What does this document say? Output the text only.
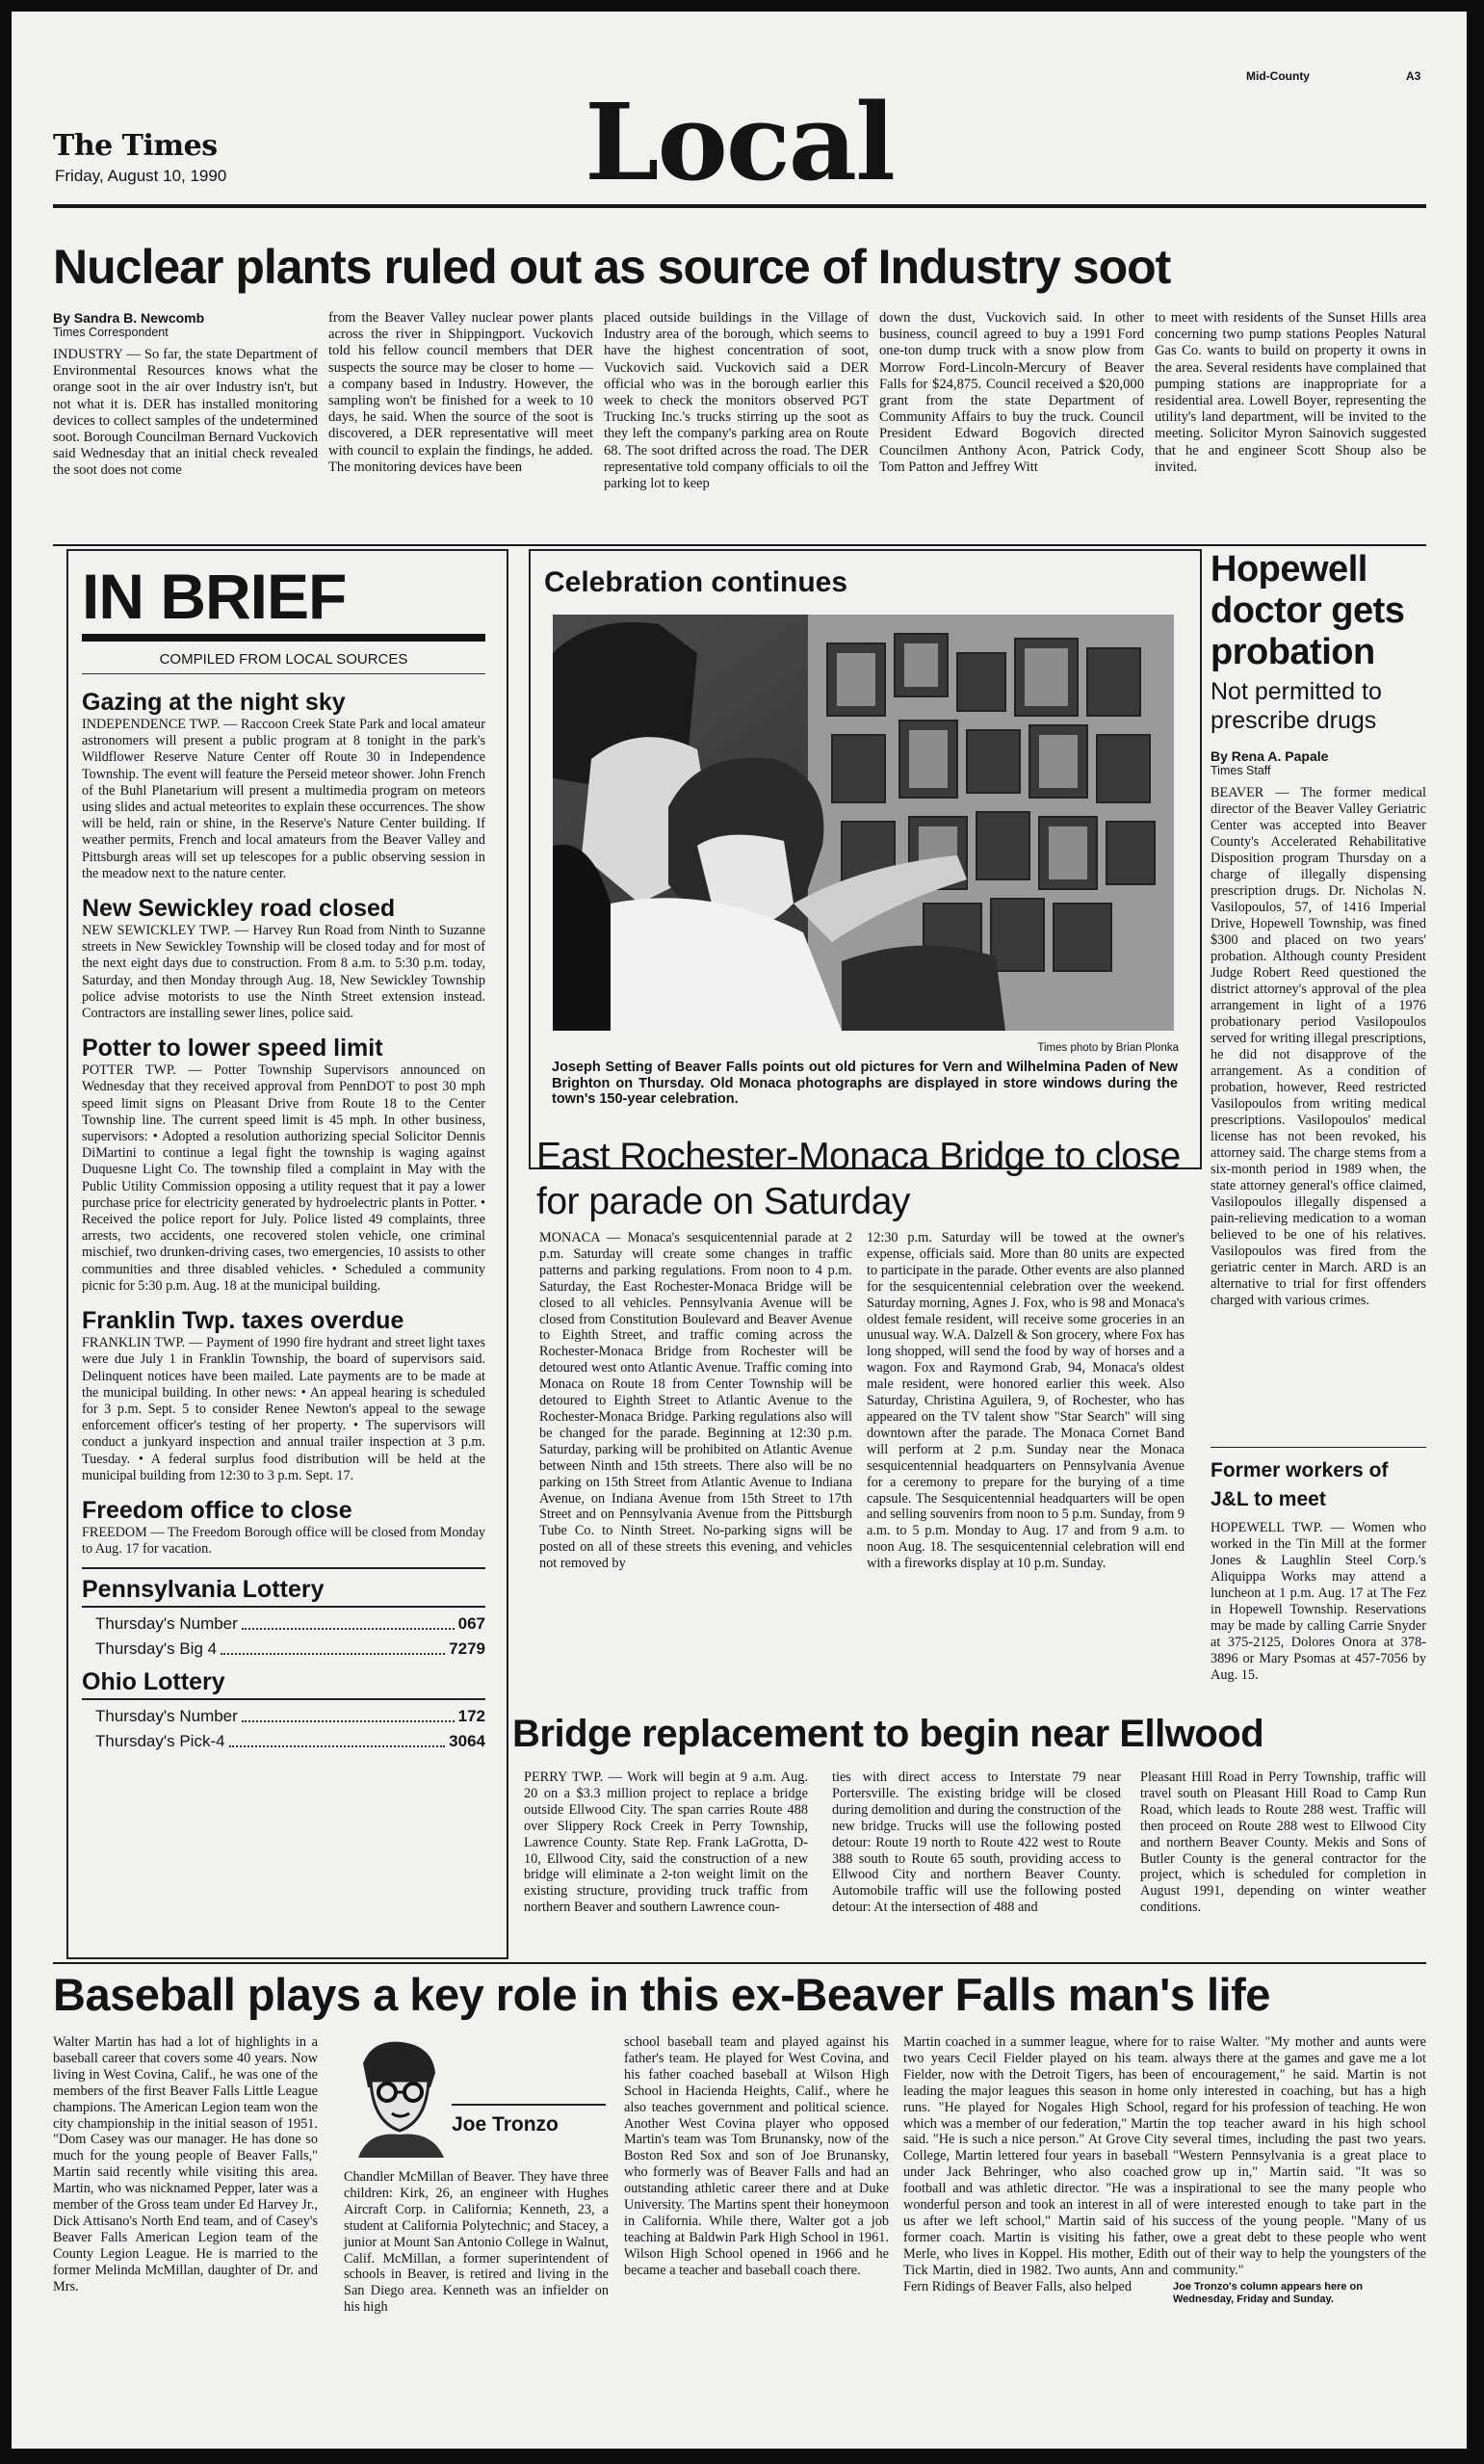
Mid-County	A3
The Times
Friday, August 10, 1990	Local
Nuclear plants ruled out as source of Industry soot
By Sandra B. Newcomb
Times Correspondent
INDUSTRY — So far, the state Department of Environmental Resources knows what the orange soot in the air over Industry isn't, but not what it is. DER has installed monitoring devices to collect samples of the undetermined soot. Borough Councilman Bernard Vuckovich said Wednesday that an initial check revealed the soot does not come
from the Beaver Valley nuclear power plants across the river in Shippingport. Vuckovich told his fellow council members that DER suspects the source may be closer to home — a company based in Industry. However, the sampling won't be finished for a week to 10 days, he said. When the source of the soot is discovered, a DER representative will meet with council to explain the findings, he added. The monitoring devices have been
placed outside buildings in the Village of Industry area of the borough, which seems to have the highest concentration of soot, Vuckovich said. Vuckovich said a DER official who was in the borough earlier this week to check the monitors observed PGT Trucking Inc.'s trucks stirring up the soot as they left the company's parking area on Route 68. The soot drifted across the road. The DER representative told company officials to oil the parking lot to keep
down the dust, Vuckovich said. In other business, council agreed to buy a 1991 Ford one-ton dump truck with a snow plow from Morrow Ford-Lincoln-Mercury of Beaver Falls for $24,875. Council received a $20,000 grant from the state Department of Community Affairs to buy the truck. Council President Edward Bogovich directed Councilmen Anthony Acon, Patrick Cody, Tom Patton and Jeffrey Witt
to meet with residents of the Sunset Hills area concerning two pump stations Peoples Natural Gas Co. wants to build on property it owns in the area. Several residents have complained that pumping stations are inappropriate for a residential area. Lowell Boyer, representing the utility's land department, will be invited to the meeting. Solicitor Myron Sainovich suggested that he and engineer Scott Shoup also be invited.
IN BRIEF
COMPILED FROM LOCAL SOURCES
Gazing at the night sky
INDEPENDENCE TWP. — Raccoon Creek State Park and local amateur astronomers will present a public program at 8 tonight in the park's Wildflower Reserve Nature Center off Route 30 in Independence Township. The event will feature the Perseid meteor shower. John French of the Buhl Planetarium will present a multimedia program on meteors using slides and actual meteorites to explain these occurrences. The show will be held, rain or shine, in the Reserve's Nature Center building. If weather permits, French and local amateurs from the Beaver Valley and Pittsburgh areas will set up telescopes for a public observing session in the meadow next to the nature center.
New Sewickley road closed
NEW SEWICKLEY TWP. — Harvey Run Road from Ninth to Suzanne streets in New Sewickley Township will be closed today and for most of the next eight days due to construction. From 8 a.m. to 5:30 p.m. today, Saturday, and then Monday through Aug. 18, New Sewickley Township police advise motorists to use the Ninth Street extension instead. Contractors are installing sewer lines, police said.
Potter to lower speed limit
POTTER TWP. — Potter Township Supervisors announced on Wednesday that they received approval from PennDOT to post 30 mph speed limit signs on Pleasant Drive from Route 18 to the Center Township line. The current speed limit is 45 mph. In other business, supervisors: • Adopted a resolution authorizing special Solicitor Dennis DiMartini to continue a legal fight the township is waging against Duquesne Light Co. The township filed a complaint in May with the Public Utility Commission opposing a utility request that it pay a lower purchase price for electricity generated by hydroelectric plants in Potter. • Received the police report for July. Police listed 49 complaints, three arrests, two accidents, one recovered stolen vehicle, one criminal mischief, two drunken-driving cases, two emergencies, 10 assists to other communities and three disabled vehicles. • Scheduled a community picnic for 5:30 p.m. Aug. 18 at the municipal building.
Franklin Twp. taxes overdue
FRANKLIN TWP. — Payment of 1990 fire hydrant and street light taxes were due July 1 in Franklin Township, the board of supervisors said. Delinquent notices have been mailed. Late payments are to be made at the municipal building. In other news: • An appeal hearing is scheduled for 3 p.m. Sept. 5 to consider Renee Newton's appeal to the sewage enforcement officer's testing of her property. • The supervisors will conduct a junkyard inspection and annual trailer inspection at 3 p.m. Tuesday. • A federal surplus food distribution will be held at the municipal building from 12:30 to 3 p.m. Sept. 17.
Freedom office to close
FREEDOM — The Freedom Borough office will be closed from Monday to Aug. 17 for vacation.
Pennsylvania Lottery
Thursday's Number	067
Thursday's Big 4	7279
Ohio Lottery
Thursday's Number	172
Thursday's Pick-4	3064
Celebration continues
Times photo by Brian Plonka
Joseph Setting of Beaver Falls points out old pictures for Vern and Wilhelmina Paden of New Brighton on Thursday. Old Monaca photographs are displayed in store windows during the town's 150-year celebration.
East Rochester-Monaca Bridge to close for parade on Saturday
MONACA — Monaca's sesquicentennial parade at 2 p.m. Saturday will create some changes in traffic patterns and parking regulations. From noon to 4 p.m. Saturday, the East Rochester-Monaca Bridge will be closed to all vehicles. Pennsylvania Avenue will be closed from Constitution Boulevard and Beaver Avenue to Eighth Street, and traffic coming across the Rochester-Monaca Bridge from Rochester will be detoured west onto Atlantic Avenue. Traffic coming into Monaca on Route 18 from Center Township will be detoured to Eighth Street to Atlantic Avenue to the Rochester-Monaca Bridge. Parking regulations also will be changed for the parade. Beginning at 12:30 p.m. Saturday, parking will be prohibited on Atlantic Avenue between Ninth and 15th streets. There also will be no parking on 15th Street from Atlantic Avenue to Indiana Avenue, on Indiana Avenue from 15th Street to 17th Street and on Pennsylvania Avenue from the Pittsburgh Tube Co. to Ninth Street. No-parking signs will be posted on all of these streets this evening, and vehicles not removed by
12:30 p.m. Saturday will be towed at the owner's expense, officials said. More than 80 units are expected to participate in the parade. Other events are also planned for the sesquicentennial celebration over the weekend. Saturday morning, Agnes J. Fox, who is 98 and Monaca's oldest female resident, will receive some groceries in an unusual way. W.A. Dalzell & Son grocery, where Fox has long shopped, will send the food by way of horses and a wagon. Fox and Raymond Grab, 94, Monaca's oldest male resident, were honored earlier this week. Also Saturday, Christina Aguilera, 9, of Rochester, who has appeared on the TV talent show "Star Search" will sing downtown after the parade. The Monaca Cornet Band will perform at 2 p.m. Sunday near the Monaca sesquicentennial headquarters on Pennsylvania Avenue for a ceremony to prepare for the burying of a time capsule. The Sesquicentennial headquarters will be open and selling souvenirs from noon to 5 p.m. Sunday, from 9 a.m. to 5 p.m. Monday to Aug. 17 and from 9 a.m. to noon Aug. 18. The sesquicentennial celebration will end with a fireworks display at 10 p.m. Sunday.
Hopewell doctor gets probation
Not permitted to prescribe drugs
By Rena A. Papale
Times Staff
BEAVER — The former medical director of the Beaver Valley Geriatric Center was accepted into Beaver County's Accelerated Rehabilitative Disposition program Thursday on a charge of illegally dispensing prescription drugs. Dr. Nicholas N. Vasilopoulos, 57, of 1416 Imperial Drive, Hopewell Township, was fined $300 and placed on two years' probation. Although county President Judge Robert Reed questioned the district attorney's approval of the plea arrangement in light of a 1976 probationary period Vasilopoulos served for writing illegal prescriptions, he did not disapprove of the arrangement. As a condition of probation, however, Reed restricted Vasilopoulos from writing medical prescriptions. Vasilopoulos' medical license has not been revoked, his attorney said. The charge stems from a six-month period in 1989 when, the state attorney general's office claimed, Vasilopoulos illegally dispensed a pain-relieving medication to a woman believed to be one of his relatives. Vasilopoulos was fired from the geriatric center in March. ARD is an alternative to trial for first offenders charged with various crimes.
Former workers of J&L to meet
HOPEWELL TWP. — Women who worked in the Tin Mill at the former Jones & Laughlin Steel Corp.'s Aliquippa Works may attend a luncheon at 1 p.m. Aug. 17 at The Fez in Hopewell Township. Reservations may be made by calling Carrie Snyder at 375-2125, Dolores Onora at 378-3896 or Mary Psomas at 457-7056 by Aug. 15.
Bridge replacement to begin near Ellwood
PERRY TWP. — Work will begin at 9 a.m. Aug. 20 on a $3.3 million project to replace a bridge outside Ellwood City. The span carries Route 488 over Slippery Rock Creek in Perry Township, Lawrence County. State Rep. Frank LaGrotta, D-10, Ellwood City, said the construction of a new bridge will eliminate a 2-ton weight limit on the existing structure, providing truck traffic from northern Beaver and southern Lawrence coun-
ties with direct access to Interstate 79 near Portersville. The existing bridge will be closed during demolition and during the construction of the new bridge. Trucks will use the following posted detour: Route 19 north to Route 422 west to Route 388 south to Route 65 south, providing access to Ellwood City and northern Beaver County. Automobile traffic will use the following posted detour: At the intersection of 488 and
Pleasant Hill Road in Perry Township, traffic will travel south on Pleasant Hill Road to Camp Run Road, which leads to Route 288 west. Traffic will then proceed on Route 288 west to Ellwood City and northern Beaver County. Mekis and Sons of Butler County is the general contractor for the project, which is scheduled for completion in August 1991, depending on winter weather conditions.
Baseball plays a key role in this ex-Beaver Falls man's life
Walter Martin has had a lot of highlights in a baseball career that covers some 40 years. Now living in West Covina, Calif., he was one of the members of the first Beaver Falls Little League champions. The American Legion team won the city championship in the initial season of 1951. "Dom Casey was our manager. He has done so much for the young people of Beaver Falls," Martin said recently while visiting this area. Martin, who was nicknamed Pepper, later was a member of the Gross team under Ed Harvey Jr., Dick Attisano's North End team, and of Casey's Beaver Falls American Legion team of the County Legion League. He is married to the former Melinda McMillan, daughter of Dr. and Mrs.
Joe Tronzo
Chandler McMillan of Beaver. They have three children: Kirk, 26, an engineer with Hughes Aircraft Corp. in California; Kenneth, 23, a student at California Polytechnic; and Stacey, a junior at Mount San Antonio College in Walnut, Calif. McMillan, a former superintendent of schools in Beaver, is retired and living in the San Diego area. Kenneth was an infielder on his high
school baseball team and played against his father's team. He played for West Covina, and his father coached baseball at Wilson High School in Hacienda Heights, Calif., where he also teaches government and political science. Another West Covina player who opposed Martin's team was Tom Brunansky, now of the Boston Red Sox and son of Joe Brunansky, who formerly was of Beaver Falls and had an outstanding athletic career there and at Duke University. The Martins spent their honeymoon in California. While there, Walter got a job teaching at Baldwin Park High School in 1961. Wilson High School opened in 1966 and he became a teacher and baseball coach there.
Martin coached in a summer league, where for two years Cecil Fielder played on his team. Fielder, now with the Detroit Tigers, has been leading the major leagues this season in home runs. "He played for Nogales High School, which was a member of our federation," Martin said. "He is such a nice person." At Grove City College, Martin lettered four years in baseball under Jack Behringer, who also coached football and was athletic director. "He was a wonderful person and took an interest in all of us after we left school," Martin said of his former coach. Martin is visiting his father, Merle, who lives in Koppel. His mother, Edith Tick Martin, died in 1982. Two aunts, Ann and Fern Ridings of Beaver Falls, also helped
to raise Walter. "My mother and aunts were always there at the games and gave me a lot of encouragement," he said. Martin is not only interested in coaching, but has a high regard for his profession of teaching. He won the top teacher award in his high school several times, including the past two years. "Western Pennsylvania is a great place to grow up in," Martin said. "It was so inspirational to see the many people who were interested enough to take part in the success of the young people. "Many of us owe a great debt to these people who went out of their way to help the youngsters of the community."
Joe Tronzo's column appears here on Wednesday, Friday and Sunday.
